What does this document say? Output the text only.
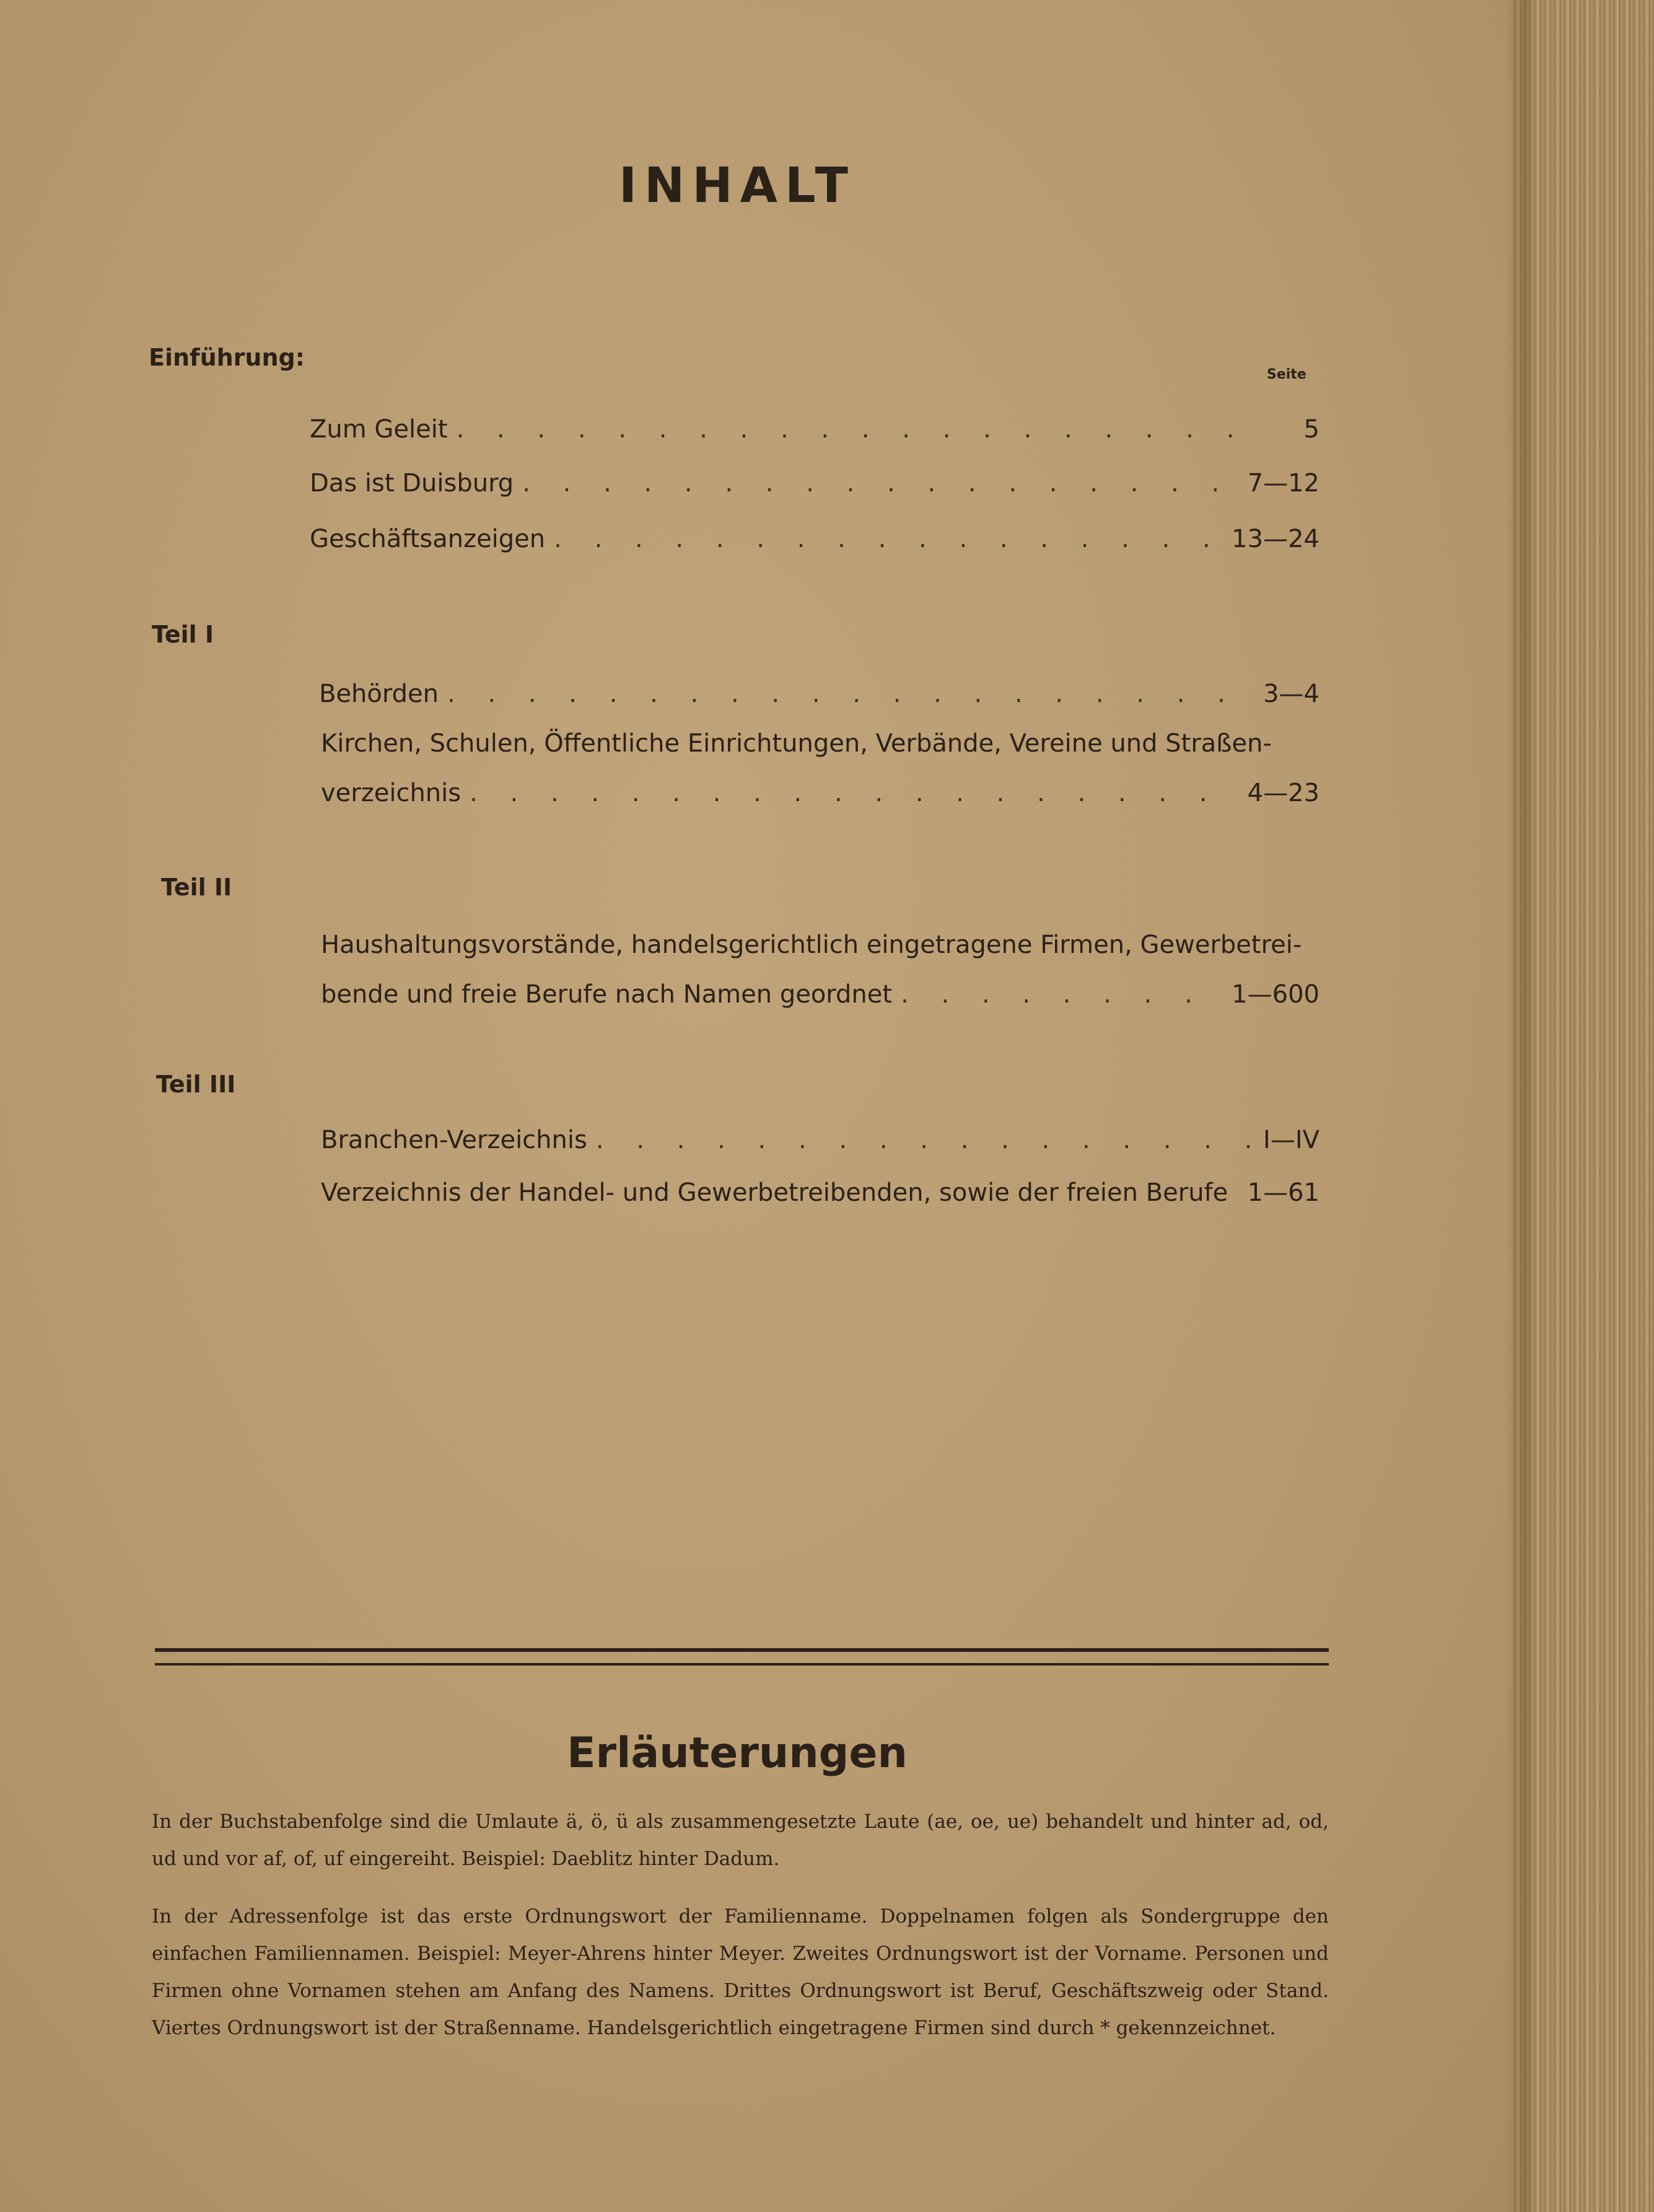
INHALT
Einführung:
Seite
Zum Geleit . . .	5
Das ist Duisburg . . .	7—12
Geschäftsanzeigen . . .	13—24
Teil I
Behörden . . .	3—4
Kirchen, Schulen, Öffentliche Einrichtungen, Verbände, Vereine und Straßen-
verzeichnis . . .	4—23
Teil II
Haushaltungsvorstände, handelsgerichtlich eingetragene Firmen, Gewerbetrei-
bende und freie Berufe nach Namen geordnet . . .	1—600
Teil III
Branchen-Verzeichnis . . .	I—IV
Verzeichnis der Handel- und Gewerbetreibenden, sowie der freien Berufe . . . 1—61
Erläuterungen
In der Buchstabenfolge sind die Umlaute ä, ö, ü als zusammengesetzte Laute (ae, oe, ue) behandelt und hinter ad, od, ud und vor af, of, uf eingereiht. Beispiel: Daeblitz hinter Dadum.
In der Adressenfolge ist das erste Ordnungswort der Familienname. Doppelnamen folgen als Sondergruppe den einfachen Familiennamen. Beispiel: Meyer-Ahrens hinter Meyer. Zweites Ordnungswort ist der Vorname. Personen und Firmen ohne Vornamen stehen am Anfang des Namens. Drittes Ordnungswort ist Beruf, Geschäftszweig oder Stand. Viertes Ordnungswort ist der Straßenname. Handelsgerichtlich eingetragene Firmen sind durch * gekennzeichnet.
